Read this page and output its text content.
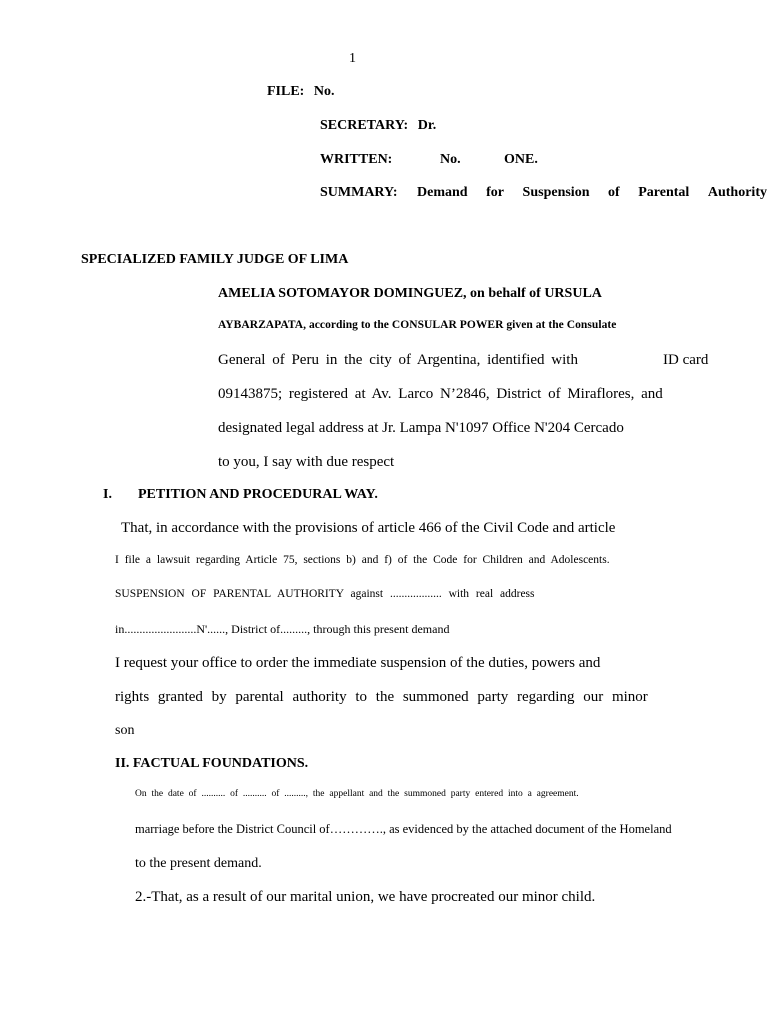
1
FILE: No.
SECRETARY: Dr.
WRITTEN:	No.	ONE.
SUMMARY: Demand for Suspension of Parental Authority
SPECIALIZED FAMILY JUDGE OF LIMA
AMELIA SOTOMAYOR DOMINGUEZ, on behalf of URSULA
AYBARZAPATA, according to the CONSULAR POWER given at the Consulate
General of Peru in the city of Argentina, identified with	ID card
09143875; registered at Av. Larco N’2846, District of Miraflores, and
designated legal address at Jr. Lampa N'1097 Office N'204 Cercado
to you, I say with due respect
I. PETITION AND PROCEDURAL WAY.
That, in accordance with the provisions of article 466 of the Civil Code and article
I file a lawsuit regarding Article 75, sections b) and f) of the Code for Children and Adolescents.
SUSPENSION OF PARENTAL AUTHORITY against .................. with real address
in........................N'......, District of........., through this present demand
I request your office to order the immediate suspension of the duties, powers and
rights granted by parental authority to the summoned party regarding our minor
son
II. FACTUAL FOUNDATIONS.
On the date of .......... of .......... of ........., the appellant and the summoned party entered into a agreement.
marriage before the District Council of…………., as evidenced by the attached document of the Homeland
to the present demand.
2.-That, as a result of our marital union, we have procreated our minor child.
